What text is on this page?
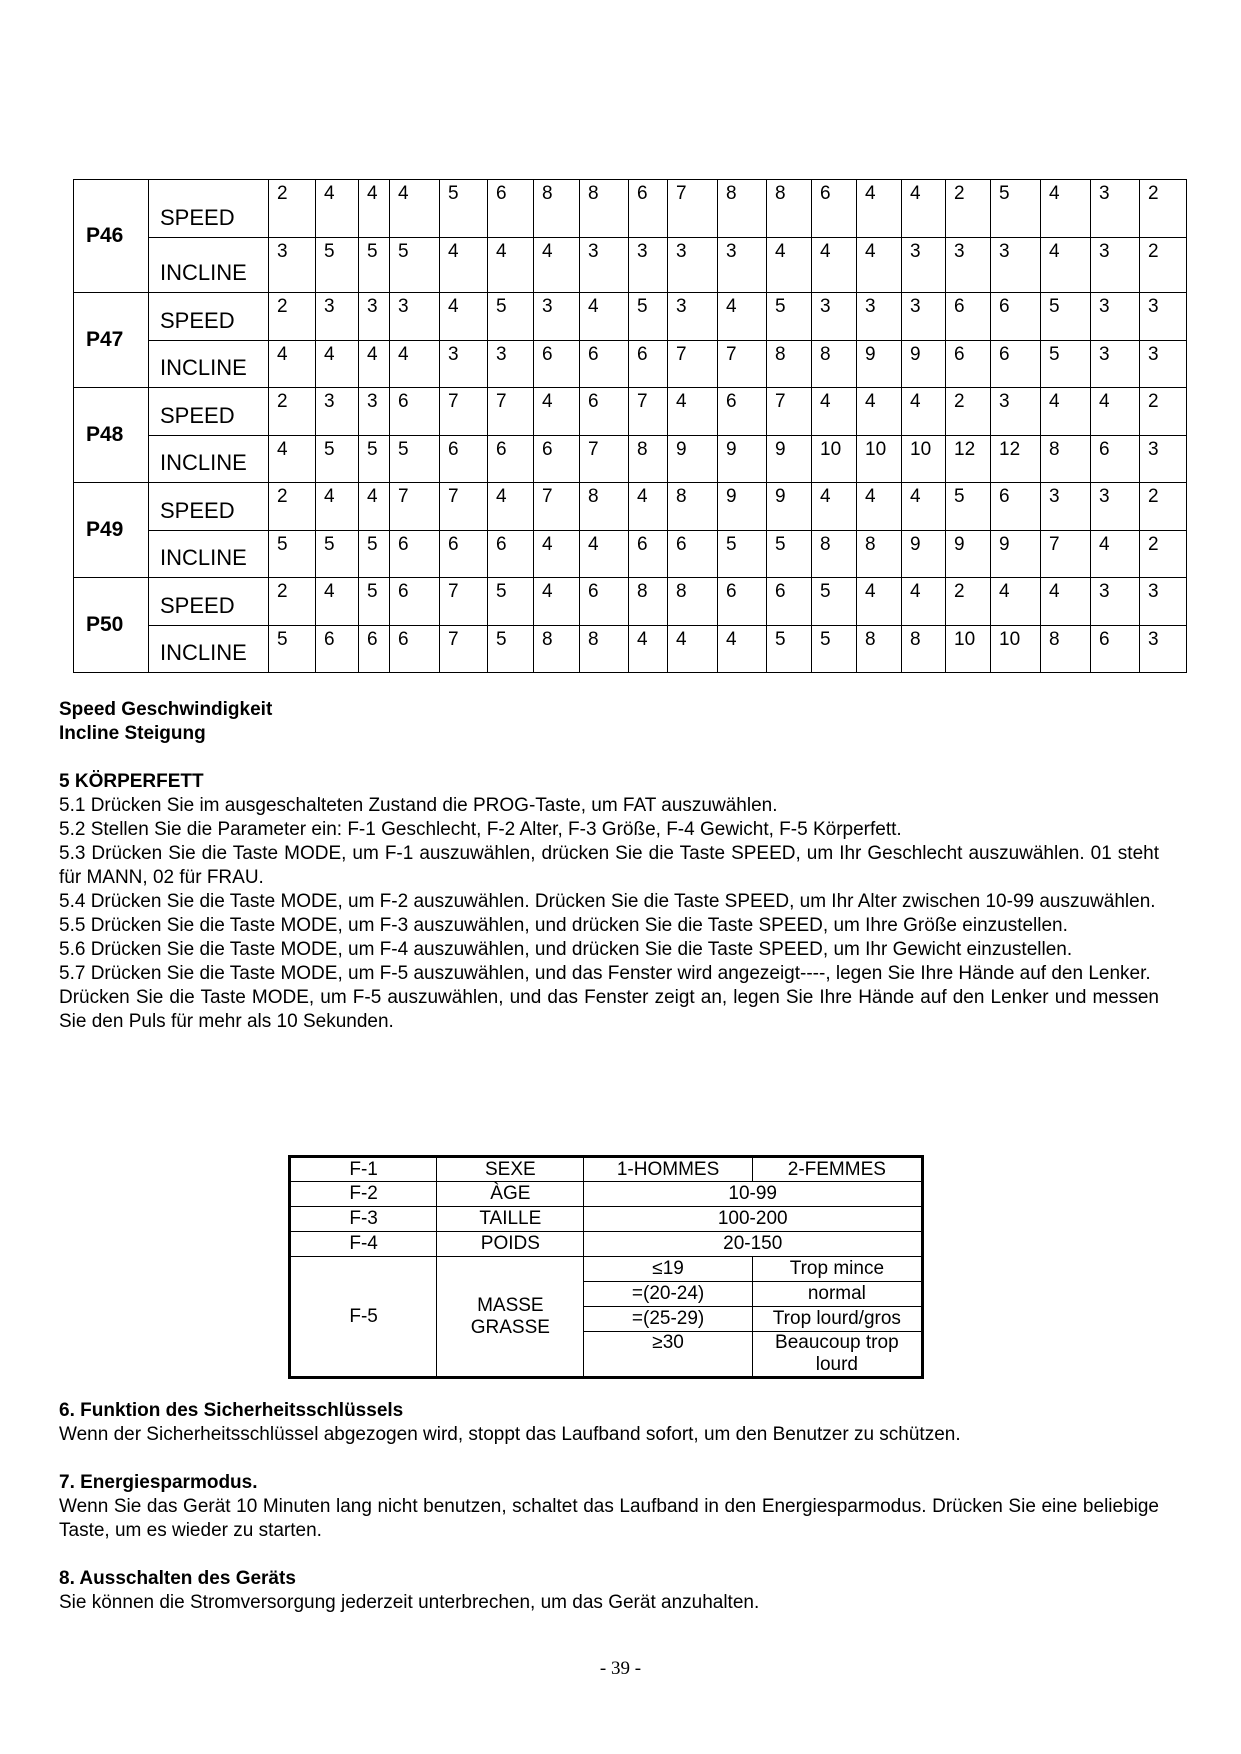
P46	SPEED	2	4	4	4	5	6	8	8	6	7	8	8	6	4	4	2	5	4	3	2
	INCLINE	3	5	5	5	4	4	4	3	3	3	3	4	4	4	3	3	3	4	3	2
P47	SPEED	2	3	3	3	4	5	3	4	5	3	4	5	3	3	3	6	6	5	3	3
	INCLINE	4	4	4	4	3	3	6	6	6	7	7	8	8	9	9	6	6	5	3	3
P48	SPEED	2	3	3	6	7	7	4	6	7	4	6	7	4	4	4	2	3	4	4	2
	INCLINE	4	5	5	5	6	6	6	7	8	9	9	9	10	10	10	12	12	8	6	3
P49	SPEED	2	4	4	7	7	4	7	8	4	8	9	9	4	4	4	5	6	3	3	2
	INCLINE	5	5	5	6	6	6	4	4	6	6	5	5	8	8	9	9	9	7	4	2
P50	SPEED	2	4	5	6	7	5	4	6	8	8	6	6	5	4	4	2	4	4	3	3
	INCLINE	5	6	6	6	7	5	8	8	4	4	4	5	5	8	8	10	10	8	6	3

Speed Geschwindigkeit

Incline Steigung

5 KÖRPERFETT

5.1 Drücken Sie im ausgeschalteten Zustand die PROG-Taste, um FAT auszuwählen.

5.2 Stellen Sie die Parameter ein: F-1 Geschlecht, F-2 Alter, F-3 Größe, F-4 Gewicht, F-5 Körperfett.

5.3 Drücken Sie die Taste MODE, um F-1 auszuwählen, drücken Sie die Taste SPEED, um Ihr Geschlecht auszuwählen. 01 steht für MANN, 02 für FRAU.

5.4 Drücken Sie die Taste MODE, um F-2 auszuwählen. Drücken Sie die Taste SPEED, um Ihr Alter zwischen 10-99 auszuwählen.

5.5 Drücken Sie die Taste MODE, um F-3 auszuwählen, und drücken Sie die Taste SPEED, um Ihre Größe einzustellen.

5.6 Drücken Sie die Taste MODE, um F-4 auszuwählen, und drücken Sie die Taste SPEED, um Ihr Gewicht einzustellen.

5.7 Drücken Sie die Taste MODE, um F-5 auszuwählen, und das Fenster wird angezeigt----, legen Sie Ihre Hände auf den Lenker.

Drücken Sie die Taste MODE, um F-5 auszuwählen, und das Fenster zeigt an, legen Sie Ihre Hände auf den Lenker und messen Sie den Puls für mehr als 10 Sekunden.

F-1	SEXE	1-HOMMES	2-FEMMES
F-2	ÀGE	10-99	
F-3	TAILLE	100-200	
F-4	POIDS	20-150	
F-5	MASSE GRASSE	≤19	Trop mince
		=(20-24)	normal
		=(25-29)	Trop lourd/gros
		≥30	Beaucoup trop lourd

6. Funktion des Sicherheitsschlüssels

Wenn der Sicherheitsschlüssel abgezogen wird, stoppt das Laufband sofort, um den Benutzer zu schützen.

7. Energiesparmodus.

Wenn Sie das Gerät 10 Minuten lang nicht benutzen, schaltet das Laufband in den Energiesparmodus. Drücken Sie eine beliebige Taste, um es wieder zu starten.

8. Ausschalten des Geräts

Sie können die Stromversorgung jederzeit unterbrechen, um das Gerät anzuhalten.

- 39 -
